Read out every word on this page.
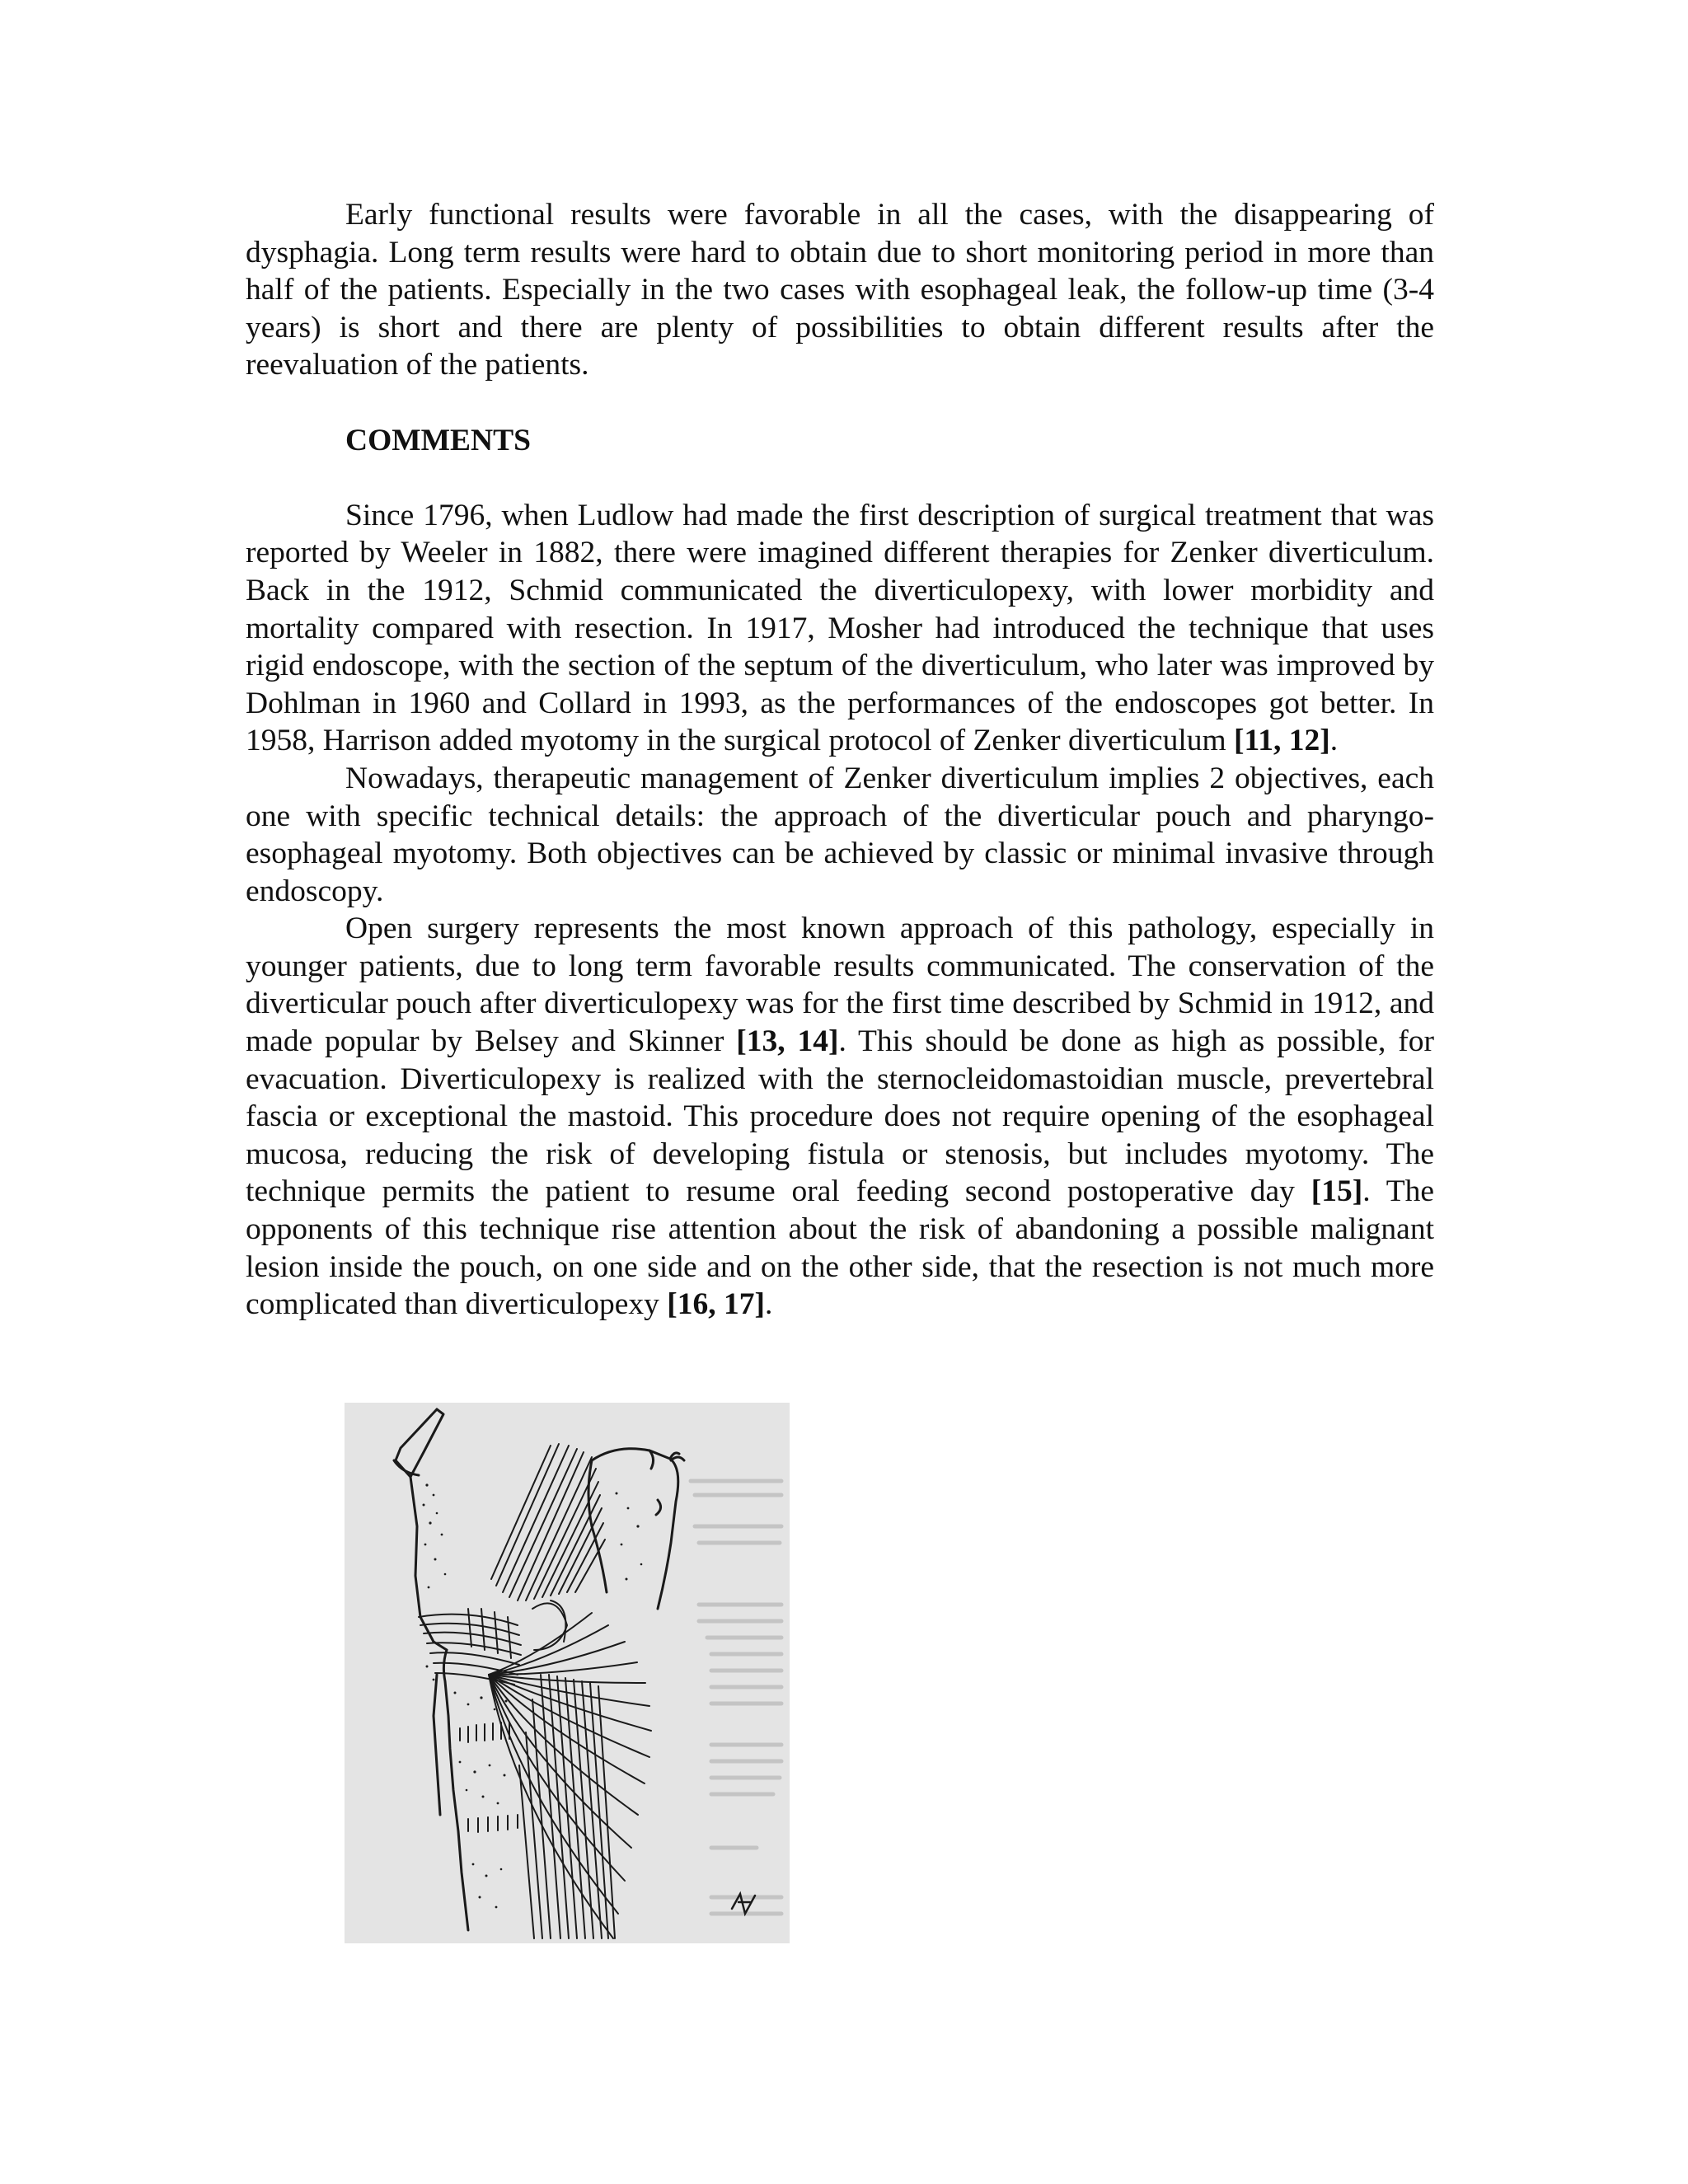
Early functional results were favorable in all the cases, with the disappearing of dysphagia. Long term results were hard to obtain due to short monitoring period in more than half of the patients. Especially in the two cases with esophageal leak, the follow-up time (3-4 years) is short and there are plenty of possibilities to obtain different results after the reevaluation of the patients.

COMMENTS

Since 1796, when Ludlow had made the first description of surgical treatment that was reported by Weeler in 1882, there were imagined different therapies for Zenker diverticulum. Back in the 1912, Schmid communicated the diverticulopexy, with lower morbidity and mortality compared with resection. In 1917, Mosher had introduced the technique that uses rigid endoscope, with the section of the septum of the diverticulum, who later was improved by Dohlman in 1960 and Collard in 1993, as the performances of the endoscopes got better. In 1958, Harrison added myotomy in the surgical protocol of Zenker diverticulum [11, 12].

Nowadays, therapeutic management of Zenker diverticulum implies 2 objectives, each one with specific technical details: the approach of the diverticular pouch and pharyngo-esophageal myotomy. Both objectives can be achieved by classic or minimal invasive through endoscopy.

Open surgery represents the most known approach of this pathology, especially in younger patients, due to long term favorable results communicated. The conservation of the diverticular pouch after diverticulopexy was for the first time described by Schmid in 1912, and made popular by Belsey and Skinner [13, 14]. This should be done as high as possible, for evacuation. Diverticulopexy is realized with the sternocleidomastoidian muscle, prevertebral fascia or exceptional the mastoid. This procedure does not require opening of the esophageal mucosa, reducing the risk of developing fistula or stenosis, but includes myotomy. The technique permits the patient to resume oral feeding second postoperative day [15]. The opponents of this technique rise attention about the risk of abandoning a possible malignant lesion inside the pouch, on one side and on the other side, that the resection is not much more complicated than diverticulopexy [16, 17].
